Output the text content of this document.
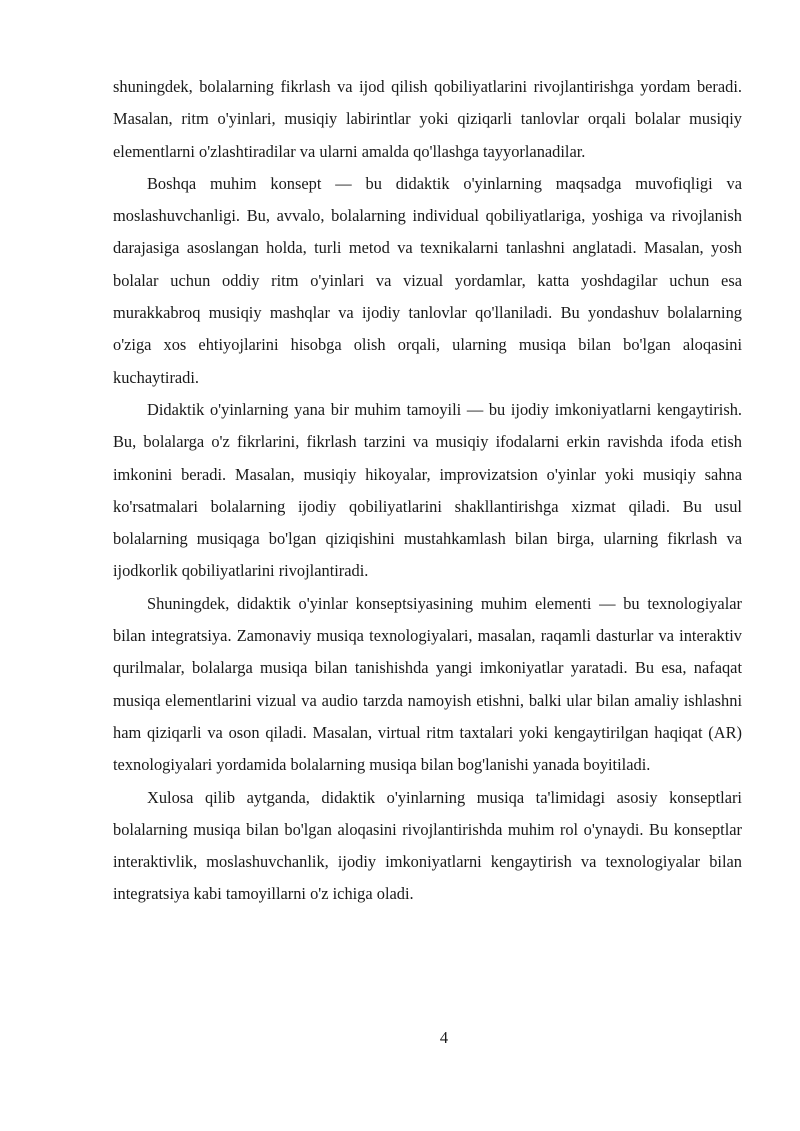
shuningdek, bolalarning fikrlash va ijod qilish qobiliyatlarini rivojlantirishga yordam beradi. Masalan, ritm o'yinlari, musiqiy labirintlar yoki qiziqarli tanlovlar orqali bolalar musiqiy elementlarni o'zlashtiradilar va ularni amalda qo'llashga tayyorlanadilar.

Boshqa muhim konsept — bu didaktik o'yinlarning maqsadga muvofiqligi va moslashuvchanligi. Bu, avvalo, bolalarning individual qobiliyatlariga, yoshiga va rivojlanish darajasiga asoslangan holda, turli metod va texnikalarni tanlashni anglatadi. Masalan, yosh bolalar uchun oddiy ritm o'yinlari va vizual yordamlar, katta yoshdagilar uchun esa murakkabroq musiqiy mashqlar va ijodiy tanlovlar qo'llaniladi. Bu yondashuv bolalarning o'ziga xos ehtiyojlarini hisobga olish orqali, ularning musiqa bilan bo'lgan aloqasini kuchaytiradi.

Didaktik o'yinlarning yana bir muhim tamoyili — bu ijodiy imkoniyatlarni kengaytirish. Bu, bolalarga o'z fikrlarini, fikrlash tarzini va musiqiy ifodalarni erkin ravishda ifoda etish imkonini beradi. Masalan, musiqiy hikoyalar, improvizatsion o'yinlar yoki musiqiy sahna ko'rsatmalari bolalarning ijodiy qobiliyatlarini shakllantirishga xizmat qiladi. Bu usul bolalarning musiqaga bo'lgan qiziqishini mustahkamlash bilan birga, ularning fikrlash va ijodkorlik qobiliyatlarini rivojlantiradi.

Shuningdek, didaktik o'yinlar konseptsiyasining muhim elementi — bu texnologiyalar bilan integratsiya. Zamonaviy musiqa texnologiyalari, masalan, raqamli dasturlar va interaktiv qurilmalar, bolalarga musiqa bilan tanishishda yangi imkoniyatlar yaratadi. Bu esa, nafaqat musiqa elementlarini vizual va audio tarzda namoyish etishni, balki ular bilan amaliy ishlashni ham qiziqarli va oson qiladi. Masalan, virtual ritm taxtalari yoki kengaytirilgan haqiqat (AR) texnologiyalari yordamida bolalarning musiqa bilan bog'lanishi yanada boyitiladi.

Xulosa qilib aytganda, didaktik o'yinlarning musiqa ta'limidagi asosiy konseptlari bolalarning musiqa bilan bo'lgan aloqasini rivojlantirishda muhim rol o'ynaydi. Bu konseptlar interaktivlik, moslashuvchanlik, ijodiy imkoniyatlarni kengaytirish va texnologiyalar bilan integratsiya kabi tamoyillarni o'z ichiga oladi.

4
